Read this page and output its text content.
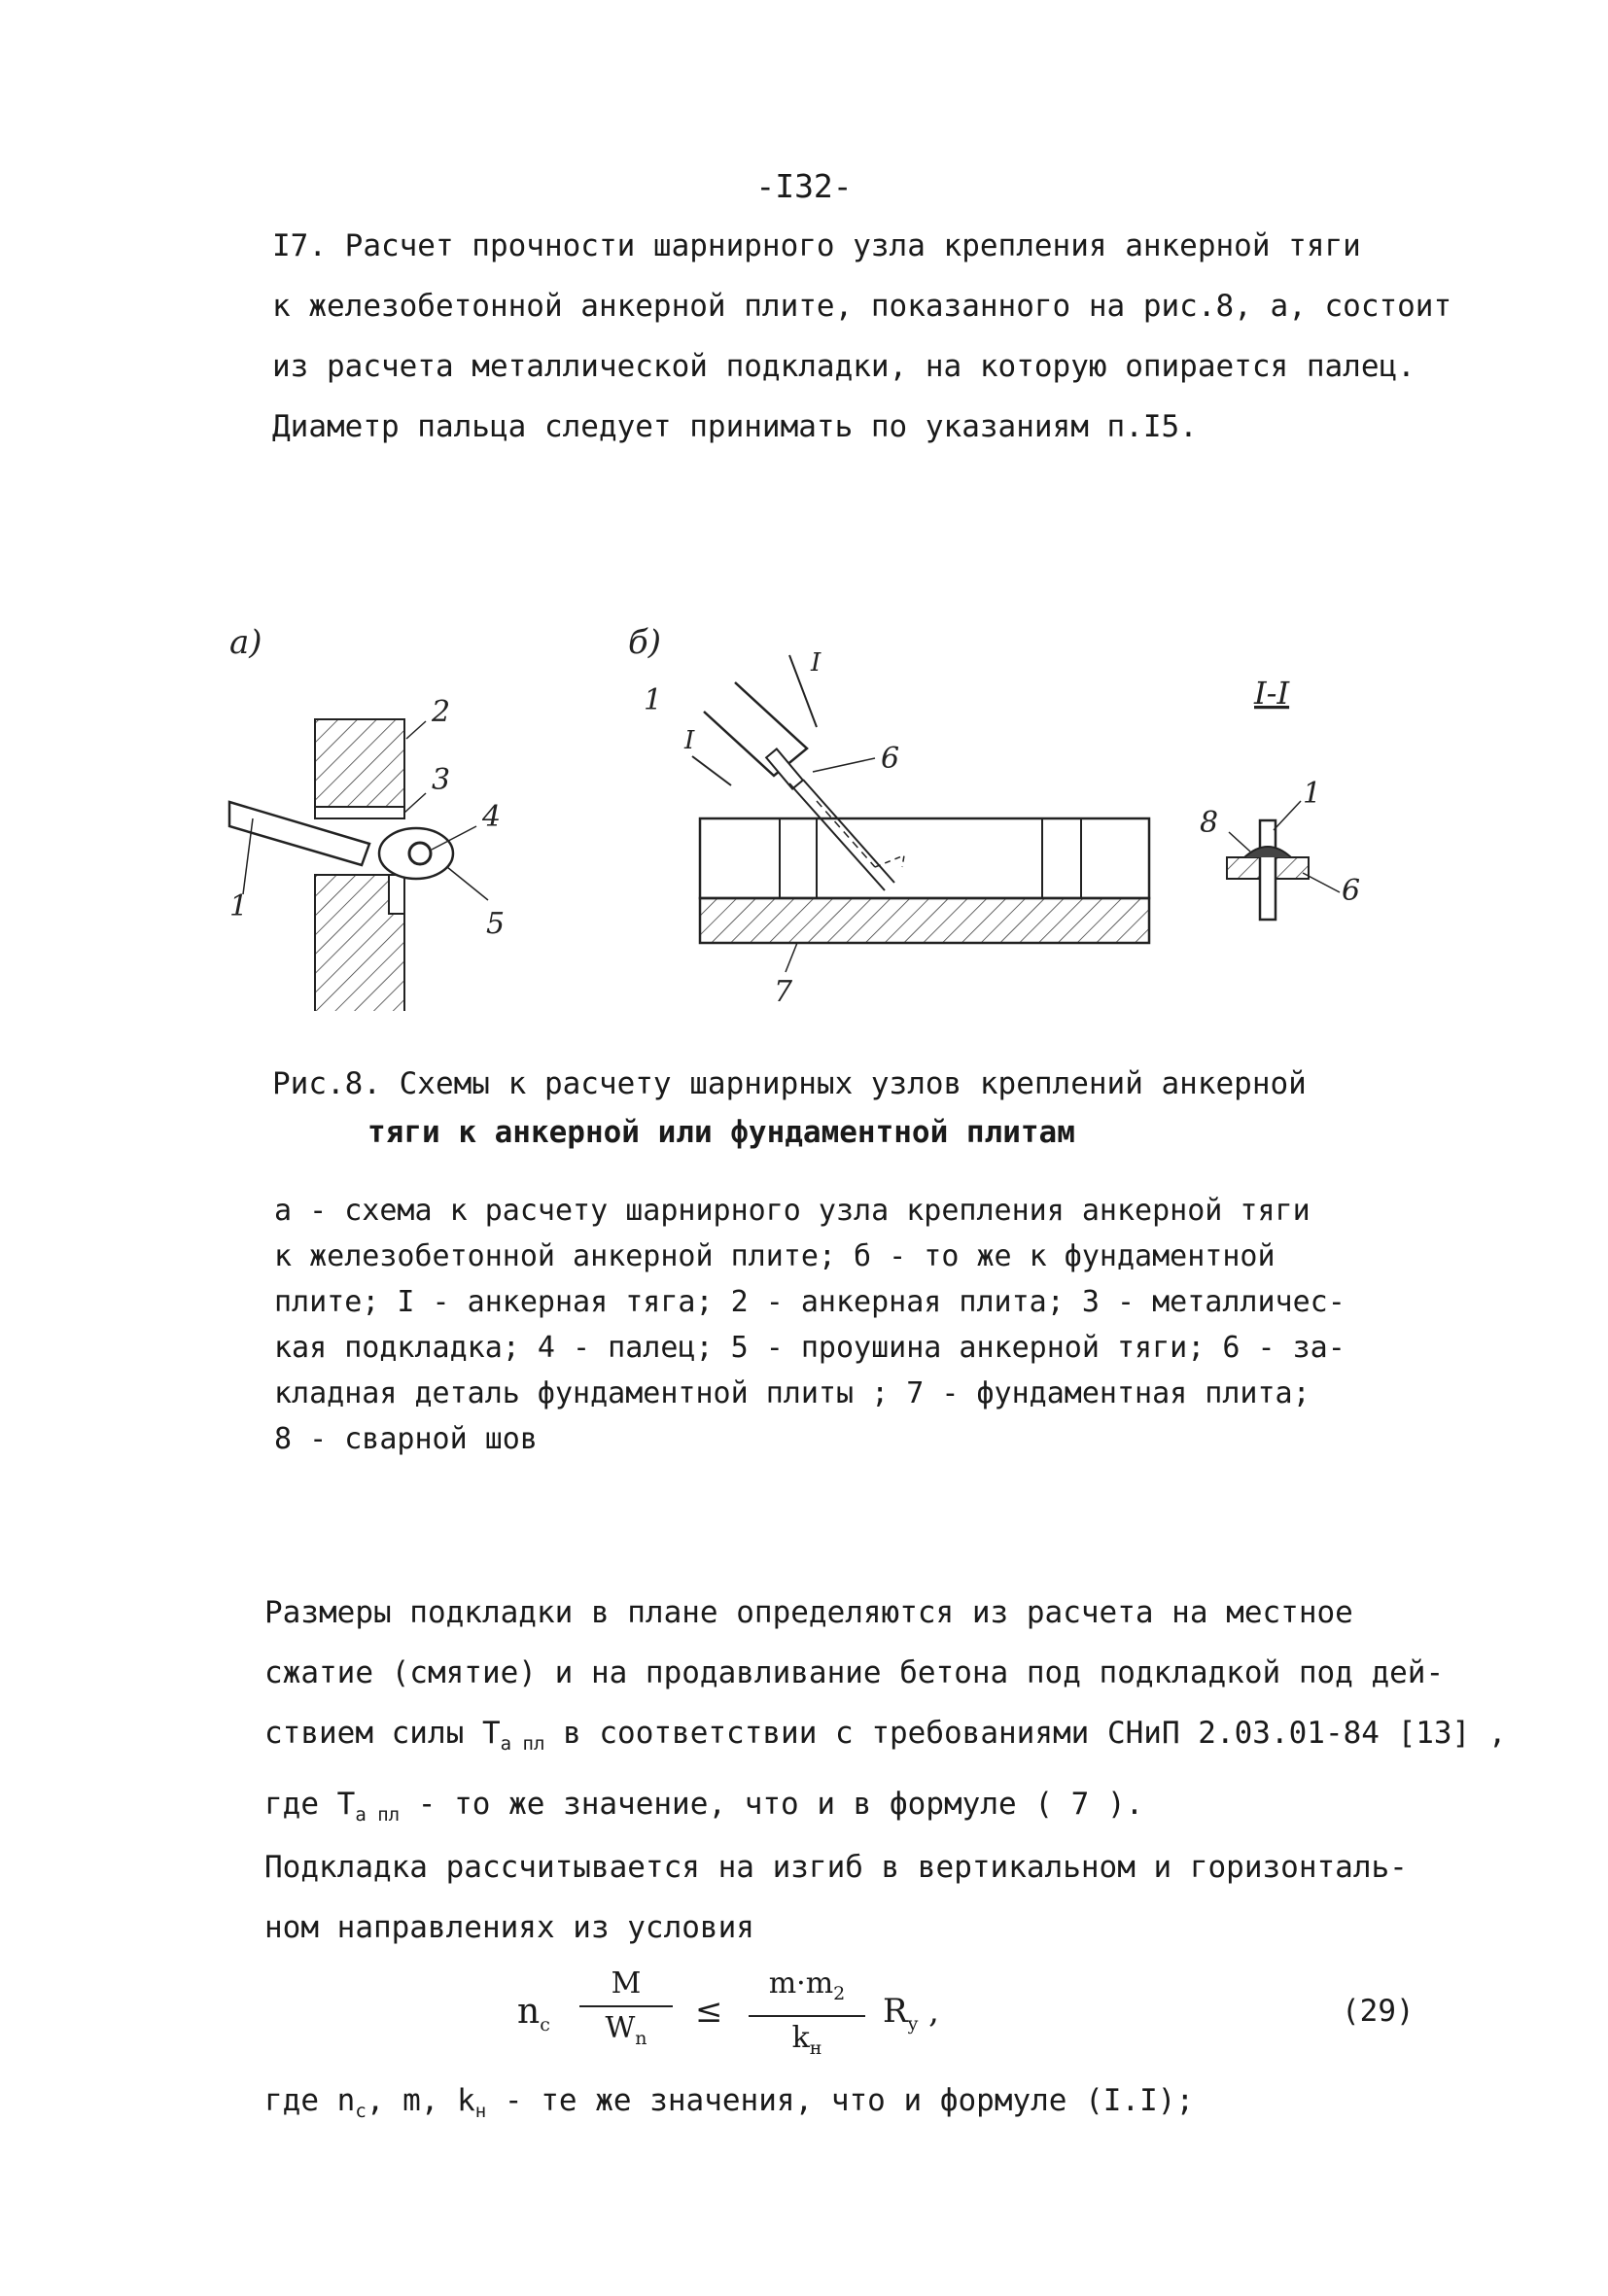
-I32-
I7. Расчет прочности шарнирного узла крепления анкерной тяги
к железобетонной анкерной плите, показанного на рис.8, а, состоит
из расчета металлической подкладки, на которую опирается палец.
Диаметр пальца следует принимать по указаниям п.I5.
а)
1
2
3
4
5
б)
I
I
1
6
7
I-I
8
1
6
Рис.8. Схемы к расчету шарнирных узлов креплений анкерной
тяги к анкерной или фундаментной плитам
а - схема к расчету шарнирного узла крепления анкерной тяги
к железобетонной анкерной плите; б - то же к фундаментной
плите; I - анкерная тяга; 2 - анкерная плита; 3 - металличес-
кая подкладка; 4 - палец; 5 - проушина анкерной тяги; 6 - за-
кладная деталь фундаментной плиты ; 7 - фундаментная плита;
8 - сварной шов
Размеры подкладки в плане определяются из расчета на местное
сжатие (смятие) и на продавливание бетона под подкладкой под дей-
ствием силы $T_{а пл}$ в соответствии с требованиями СНиП 2.03.01-84 [13] ,
где $T_{а пл}$ - то же значение, что и в формуле ( 7 ).
Подкладка рассчитывается на изгиб в вертикальном и горизонталь-
ном направлениях из условия
$n_c$
M
$W_n$
≤
$m\cdot m_2$
$k_н$
$R_y$ ,	(29)
где $n_c$, m, $k_н$ - те же значения, что и формуле (I.I);
